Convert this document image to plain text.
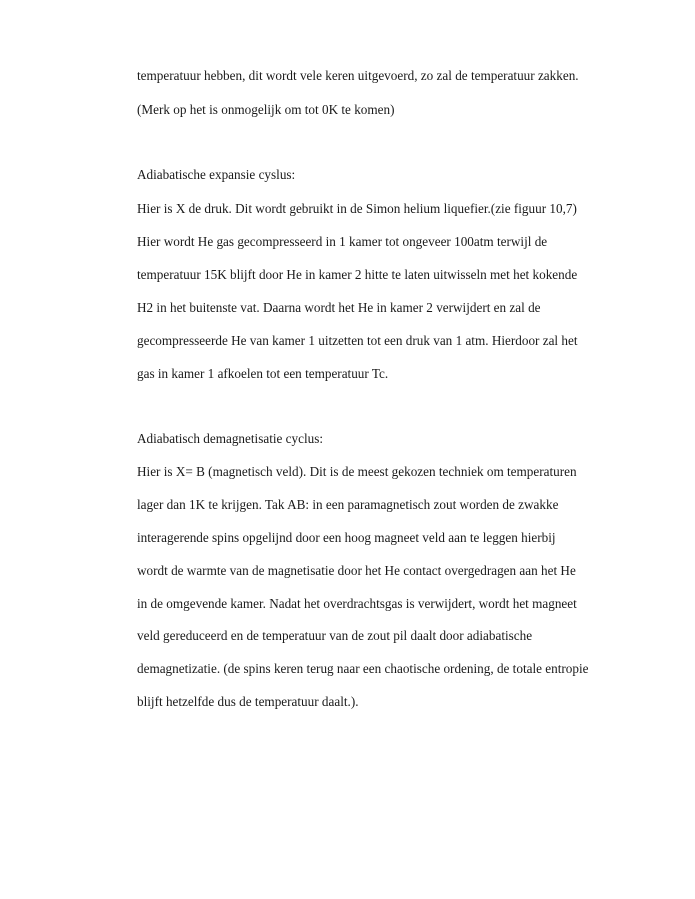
temperatuur hebben, dit wordt vele keren uitgevoerd, zo zal de temperatuur zakken.
(Merk op het is onmogelijk om tot 0K te komen)
Adiabatische expansie cyslus:
Hier is X de druk. Dit wordt gebruikt in de Simon helium liquefier.(zie figuur 10,7)
Hier wordt He gas gecompresseerd in 1 kamer tot ongeveer 100atm terwijl de
temperatuur 15K blijft door He in kamer 2 hitte te laten uitwisseln met het kokende
H2 in het buitenste vat. Daarna wordt het He in kamer 2 verwijdert en zal de
gecompresseerde He van kamer 1 uitzetten tot een druk van 1 atm. Hierdoor zal het
gas in kamer 1 afkoelen tot een temperatuur Tc.
Adiabatisch demagnetisatie cyclus:
Hier is X= B (magnetisch veld). Dit is de meest gekozen techniek om temperaturen
lager dan 1K te krijgen. Tak AB: in een paramagnetisch zout worden de zwakke
interagerende spins opgelijnd door een hoog magneet veld aan te leggen hierbij
wordt de warmte van de magnetisatie door het He contact overgedragen aan het He
in de omgevende kamer. Nadat het overdrachtsgas is verwijdert, wordt het magneet
veld gereduceerd en de temperatuur van de zout pil daalt door adiabatische
demagnetizatie. (de spins keren terug naar een chaotische ordening, de totale entropie
blijft hetzelfde dus de temperatuur daalt.).
